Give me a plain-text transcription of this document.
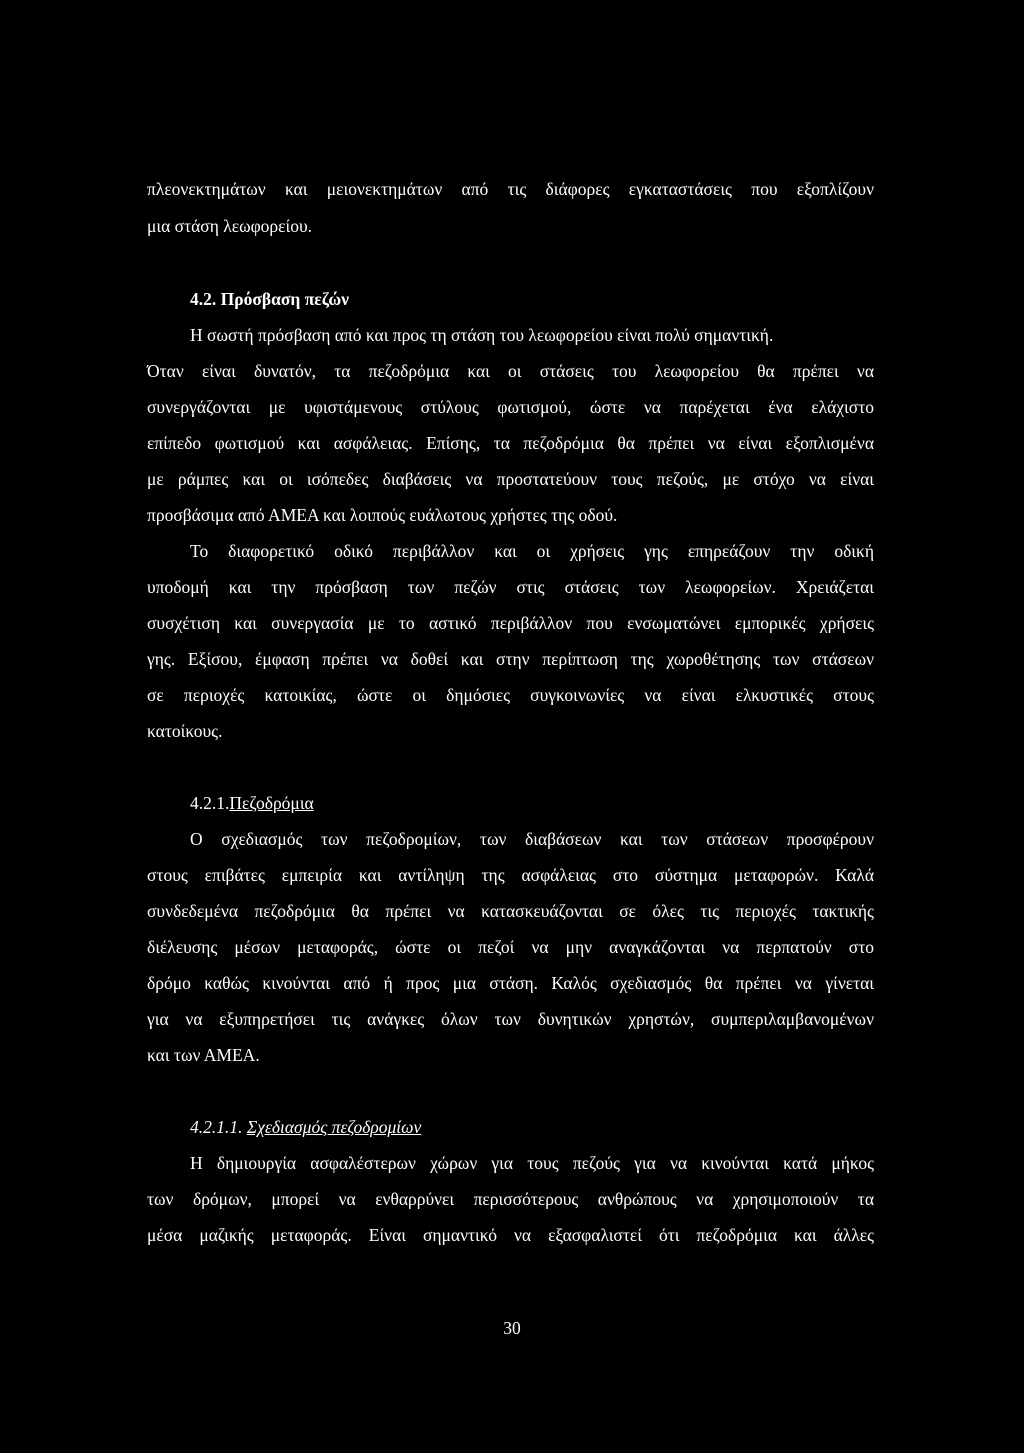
πλεονεκτημάτων και μειονεκτημάτων από τις διάφορες εγκαταστάσεις που εξοπλίζουν
μια στάση λεωφορείου.
4.2. Πρόσβαση πεζών
Η σωστή πρόσβαση από και προς τη στάση του λεωφορείου είναι πολύ σημαντική.
Όταν είναι δυνατόν, τα πεζοδρόμια και οι στάσεις του λεωφορείου θα πρέπει να
συνεργάζονται με υφιστάμενους στύλους φωτισμού, ώστε να παρέχεται ένα ελάχιστο
επίπεδο φωτισμού και ασφάλειας. Επίσης, τα πεζοδρόμια θα πρέπει να είναι εξοπλισμένα
με ράμπες και οι ισόπεδες διαβάσεις να προστατεύουν τους πεζούς, με στόχο να είναι
προσβάσιμα από ΑΜΕΑ και λοιπούς ευάλωτους χρήστες της οδού.
Το διαφορετικό οδικό περιβάλλον και οι χρήσεις γης επηρεάζουν την οδική
υποδομή και την πρόσβαση των πεζών στις στάσεις των λεωφορείων. Χρειάζεται
συσχέτιση και συνεργασία με το αστικό περιβάλλον που ενσωματώνει εμπορικές χρήσεις
γης. Εξίσου, έμφαση πρέπει να δοθεί και στην περίπτωση της χωροθέτησης των στάσεων
σε περιοχές κατοικίας, ώστε οι δημόσιες συγκοινωνίες να είναι ελκυστικές στους
κατοίκους.
4.2.1.Πεζοδρόμια
Ο σχεδιασμός των πεζοδρομίων, των διαβάσεων και των στάσεων προσφέρουν
στους επιβάτες εμπειρία και αντίληψη της ασφάλειας στο σύστημα μεταφορών. Καλά
συνδεδεμένα πεζοδρόμια θα πρέπει να κατασκευάζονται σε όλες τις περιοχές τακτικής
διέλευσης μέσων μεταφοράς, ώστε οι πεζοί να μην αναγκάζονται να περπατούν στο
δρόμο καθώς κινούνται από ή προς μια στάση. Καλός σχεδιασμός θα πρέπει να γίνεται
για να εξυπηρετήσει τις ανάγκες όλων των δυνητικών χρηστών, συμπεριλαμβανομένων
και των ΑΜΕΑ.
4.2.1.1. Σχεδιασμός πεζοδρομίων
Η δημιουργία ασφαλέστερων χώρων για τους πεζούς για να κινούνται κατά μήκος
των δρόμων, μπορεί να ενθαρρύνει περισσότερους ανθρώπους να χρησιμοποιούν τα
μέσα μαζικής μεταφοράς. Είναι σημαντικό να εξασφαλιστεί ότι πεζοδρόμια και άλλες
30
